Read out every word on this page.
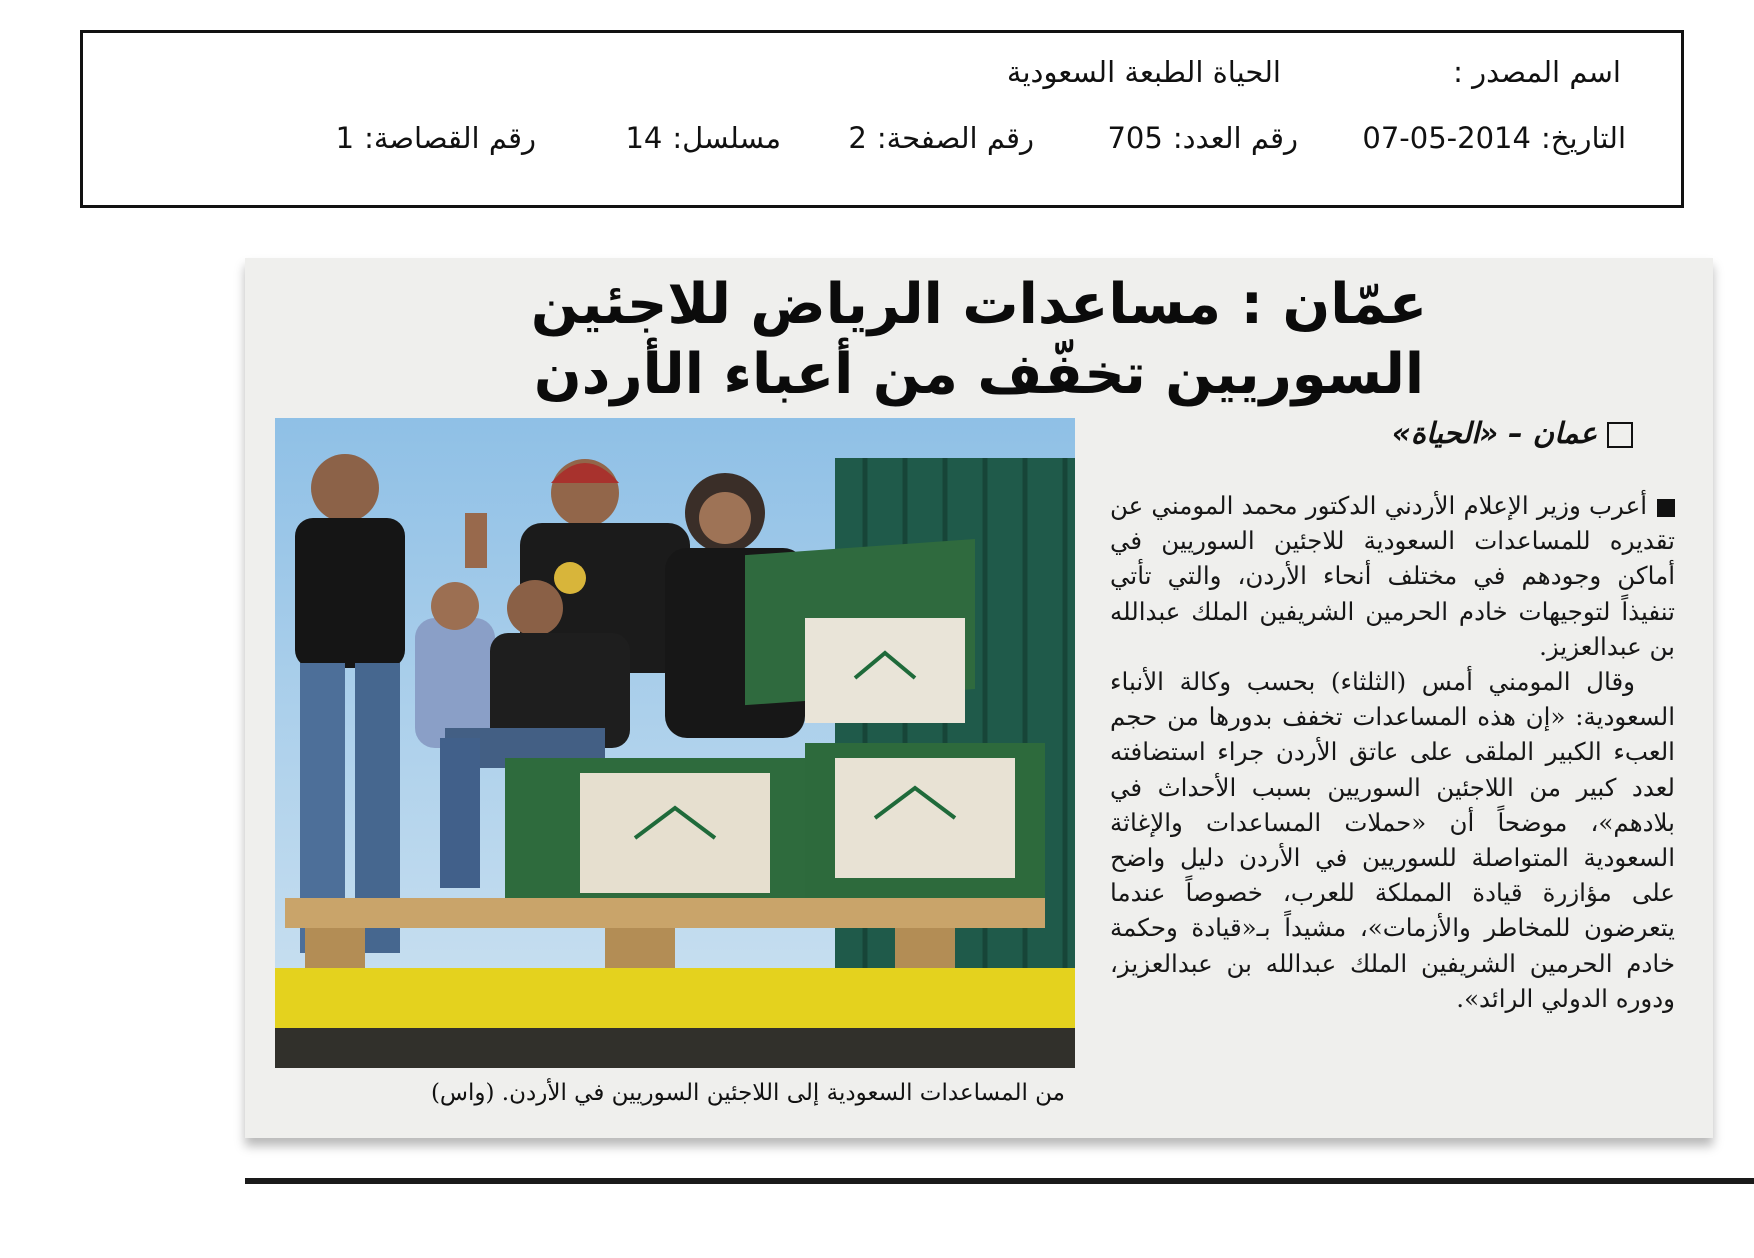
اسم المصدر :
الحياة الطبعة السعودية
التاريخ:2014-05-07
رقم العدد:705
رقم الصفحة:2
مسلسل:14
رقم القصاصة:1
عمّان : مساعدات الرياض للاجئين
السوريين تخفّف من أعباء الأردن
عمان – «الحياة»

أعرب وزير الإعلام الأردني الدكتور محمد المومني عن تقديره للمساعدات السعودية للاجئين السوريين في أماكن وجودهم في مختلف أنحاء الأردن، والتي تأتي تنفيذاً لتوجيهات خادم الحرمين الشريفين الملك عبدالله بن عبدالعزيز.

وقال المومني أمس (الثلثاء) بحسب وكالة الأنباء السعودية: «إن هذه المساعدات تخفف بدورها من حجم العبء الكبير الملقى على عاتق الأردن جراء استضافته لعدد كبير من اللاجئين السوريين بسبب الأحداث في بلادهم»، موضحاً أن «حملات المساعدات والإغاثة السعودية المتواصلة للسوريين في الأردن دليل واضح على مؤازرة قيادة المملكة للعرب، خصوصاً عندما يتعرضون للمخاطر والأزمات»، مشيداً بـ«قيادة وحكمة خادم الحرمين الشريفين الملك عبدالله بن عبدالعزيز، ودوره الدولي الرائد».

من المساعدات السعودية إلى اللاجئين السوريين في الأردن. (واس)
